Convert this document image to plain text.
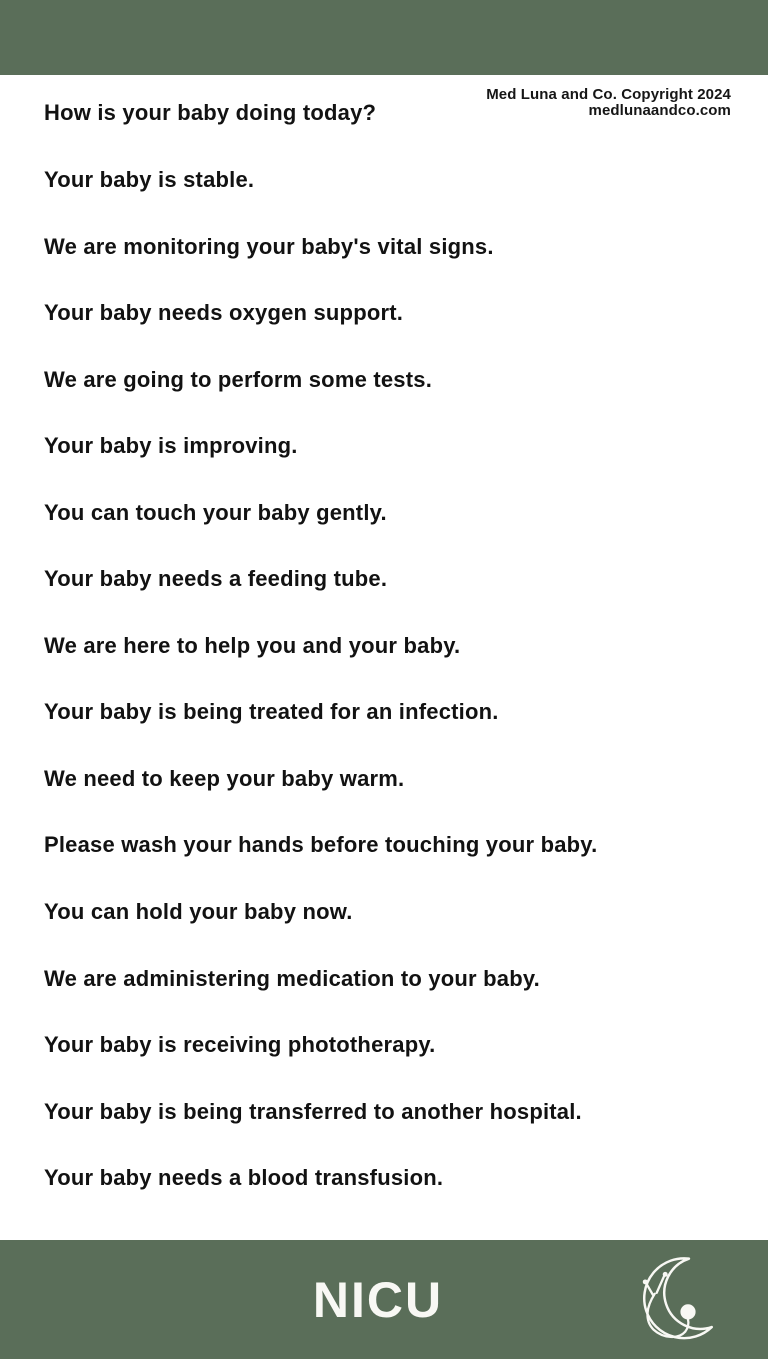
Med Luna and Co. Copyright 2024
medlunaandco.com
How is your baby doing today?
Your baby is stable.
We are monitoring your baby's vital signs.
Your baby needs oxygen support.
We are going to perform some tests.
Your baby is improving.
You can touch your baby gently.
Your baby needs a feeding tube.
We are here to help you and your baby.
Your baby is being treated for an infection.
We need to keep your baby warm.
Please wash your hands before touching your baby.
You can hold your baby now.
We are administering medication to your baby.
Your baby is receiving phototherapy.
Your baby is being transferred to another hospital.
Your baby needs a blood transfusion.
NICU
